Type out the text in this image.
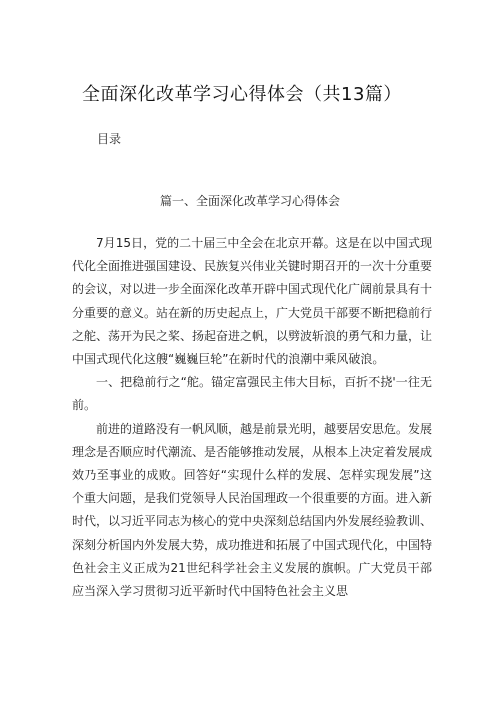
全面深化改革学习心得体会（共13篇）
目录
篇一、全面深化改革学习心得体会

7月15日，党的二十届三中全会在北京开幕。这是在以中国式现代化全面推进强国建设、民族复兴伟业关键时期召开的一次十分重要的会议，对以进一步全面深化改革开辟中国式现代化广阔前景具有十分重要的意义。站在新的历史起点上，广大党员干部要不断把稳前行之舵、荡开为民之桨、扬起奋进之帆，以劈波斩浪的勇气和力量，让中国式现代化这艘“巍巍巨轮”在新时代的浪潮中乘风破浪。

一、把稳前行之“舵。锚定富强民主伟大目标，百折不挠'一往无前。

前进的道路没有一帆风顺，越是前景光明，越要居安思危。发展理念是否顺应时代潮流、是否能够推动发展，从根本上决定着发展成效乃至事业的成败。回答好“实现什么样的发展、怎样实现发展”这个重大问题，是我们党领导人民治国理政一个很重要的方面。进入新时代，以习近平同志为核心的党中央深刻总结国内外发展经验教训、深刻分析国内外发展大势，成功推进和拓展了中国式现代化，中国特色社会主义正成为21世纪科学社会主义发展的旗帜。广大党员干部应当深入学习贯彻习近平新时代中国特色社会主义思
